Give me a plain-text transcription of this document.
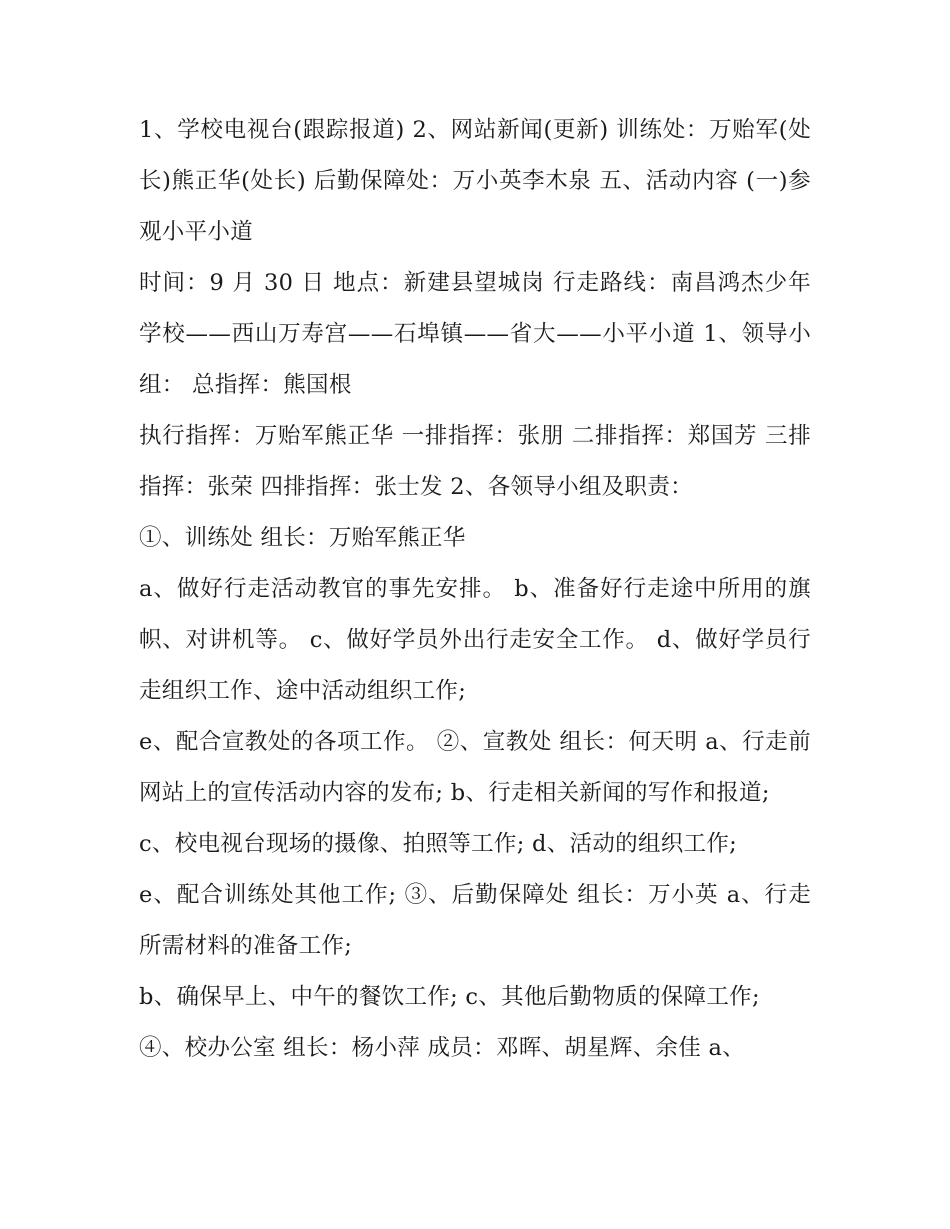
1、学校电视台(跟踪报道) 2、网站新闻(更新) 训练处：万贻军(处长)熊正华(处长) 后勤保障处：万小英李木泉 五、活动内容 (一)参观小平小道

时间：9 月 30 日 地点：新建县望城岗 行走路线：南昌鸿杰少年学校——西山万寿宫——石埠镇——省大——小平小道 1、领导小组： 总指挥：熊国根

执行指挥：万贻军熊正华 一排指挥：张朋 二排指挥：郑国芳 三排指挥：张荣 四排指挥：张士发 2、各领导小组及职责：

①、训练处 组长：万贻军熊正华

a、做好行走活动教官的事先安排。 b、准备好行走途中所用的旗帜、对讲机等。 c、做好学员外出行走安全工作。 d、做好学员行走组织工作、途中活动组织工作;

e、配合宣教处的各项工作。 ②、宣教处 组长：何天明 a、行走前网站上的宣传活动内容的发布; b、行走相关新闻的写作和报道;

c、校电视台现场的摄像、拍照等工作; d、活动的组织工作;

e、配合训练处其他工作; ③、后勤保障处 组长：万小英 a、行走所需材料的准备工作;

b、确保早上、中午的餐饮工作; c、其他后勤物质的保障工作;

④、校办公室 组长：杨小萍 成员：邓晖、胡星辉、余佳 a、
